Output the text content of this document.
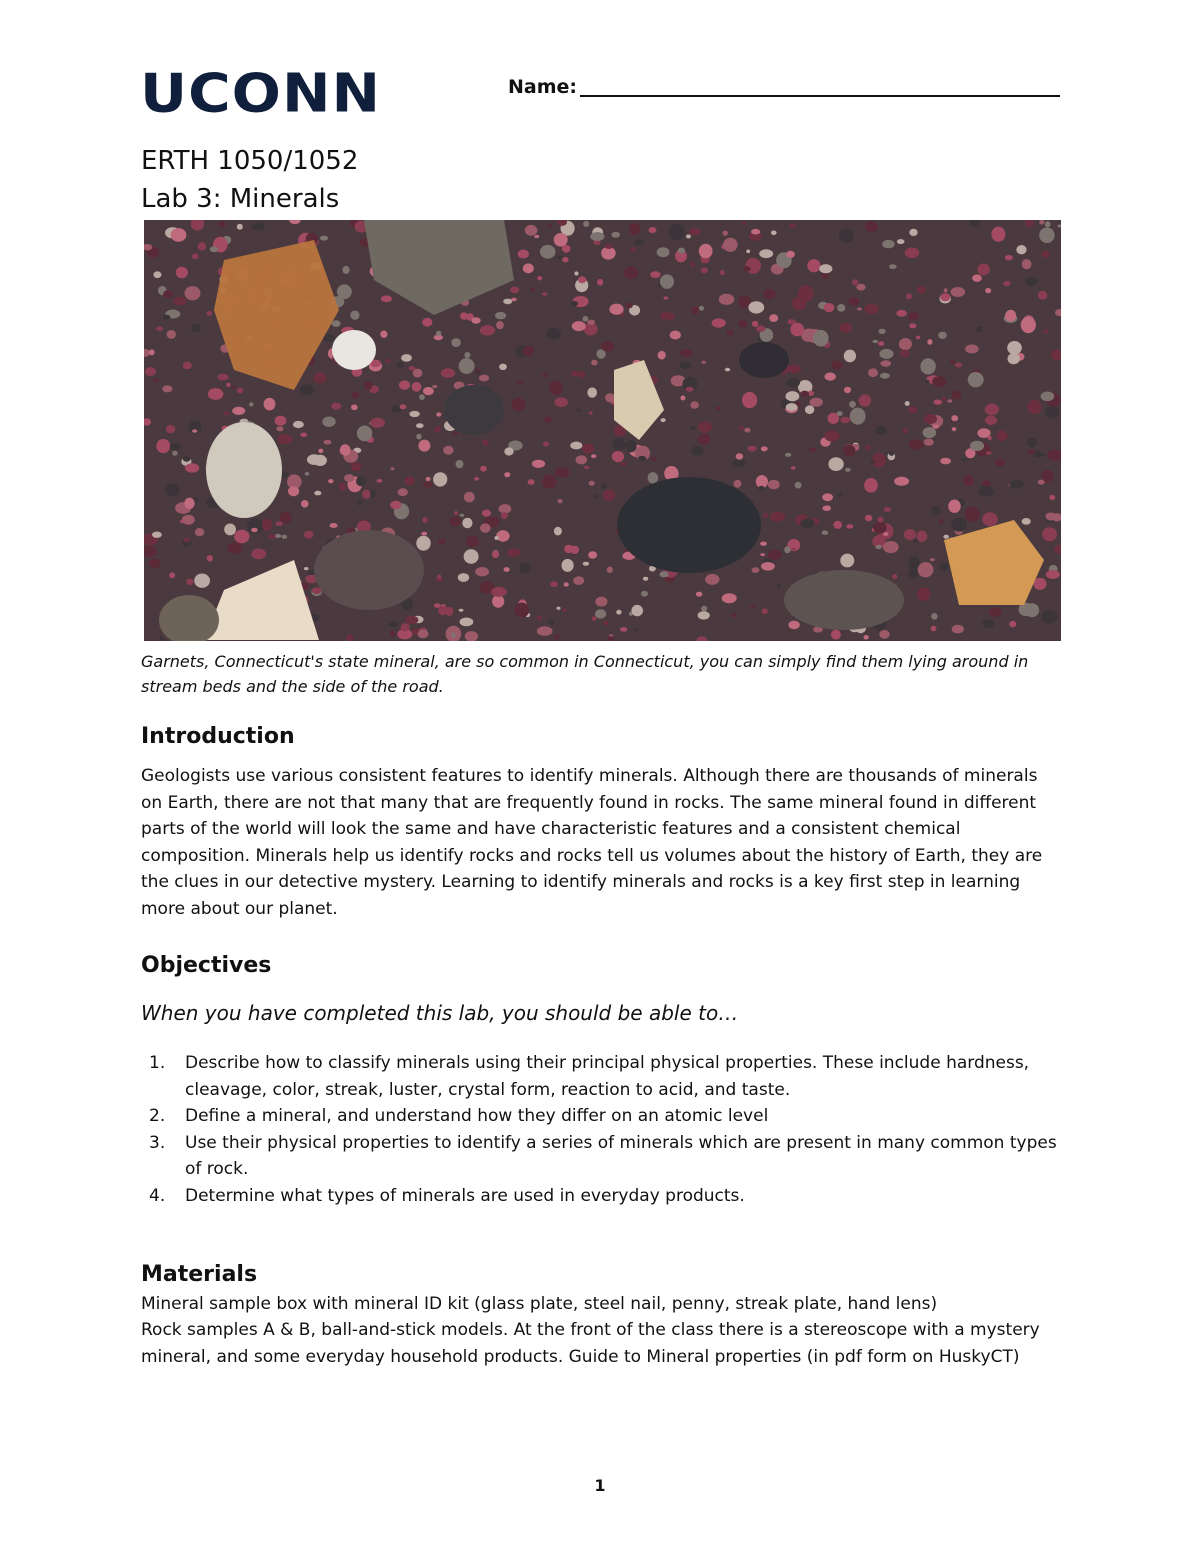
UCONN	Name:
ERTH 1050/1052
Lab 3: Minerals
Garnets, Connecticut's state mineral, are so common in Connecticut, you can simply find them lying around in stream beds and the side of the road.
Introduction
Geologists use various consistent features to identify minerals. Although there are thousands of minerals on Earth, there are not that many that are frequently found in rocks. The same mineral found in different parts of the world will look the same and have characteristic features and a consistent chemical composition. Minerals help us identify rocks and rocks tell us volumes about the history of Earth, they are the clues in our detective mystery. Learning to identify minerals and rocks is a key first step in learning more about our planet.
Objectives
When you have completed this lab, you should be able to…
1. Describe how to classify minerals using their principal physical properties. These include hardness, cleavage, color, streak, luster, crystal form, reaction to acid, and taste.
2. Define a mineral, and understand how they differ on an atomic level
3. Use their physical properties to identify a series of minerals which are present in many common types of rock.
4. Determine what types of minerals are used in everyday products.
Materials
Mineral sample box with mineral ID kit (glass plate, steel nail, penny, streak plate, hand lens)
Rock samples A & B, ball-and-stick models. At the front of the class there is a stereoscope with a mystery mineral, and some everyday household products. Guide to Mineral properties (in pdf form on HuskyCT)
1
